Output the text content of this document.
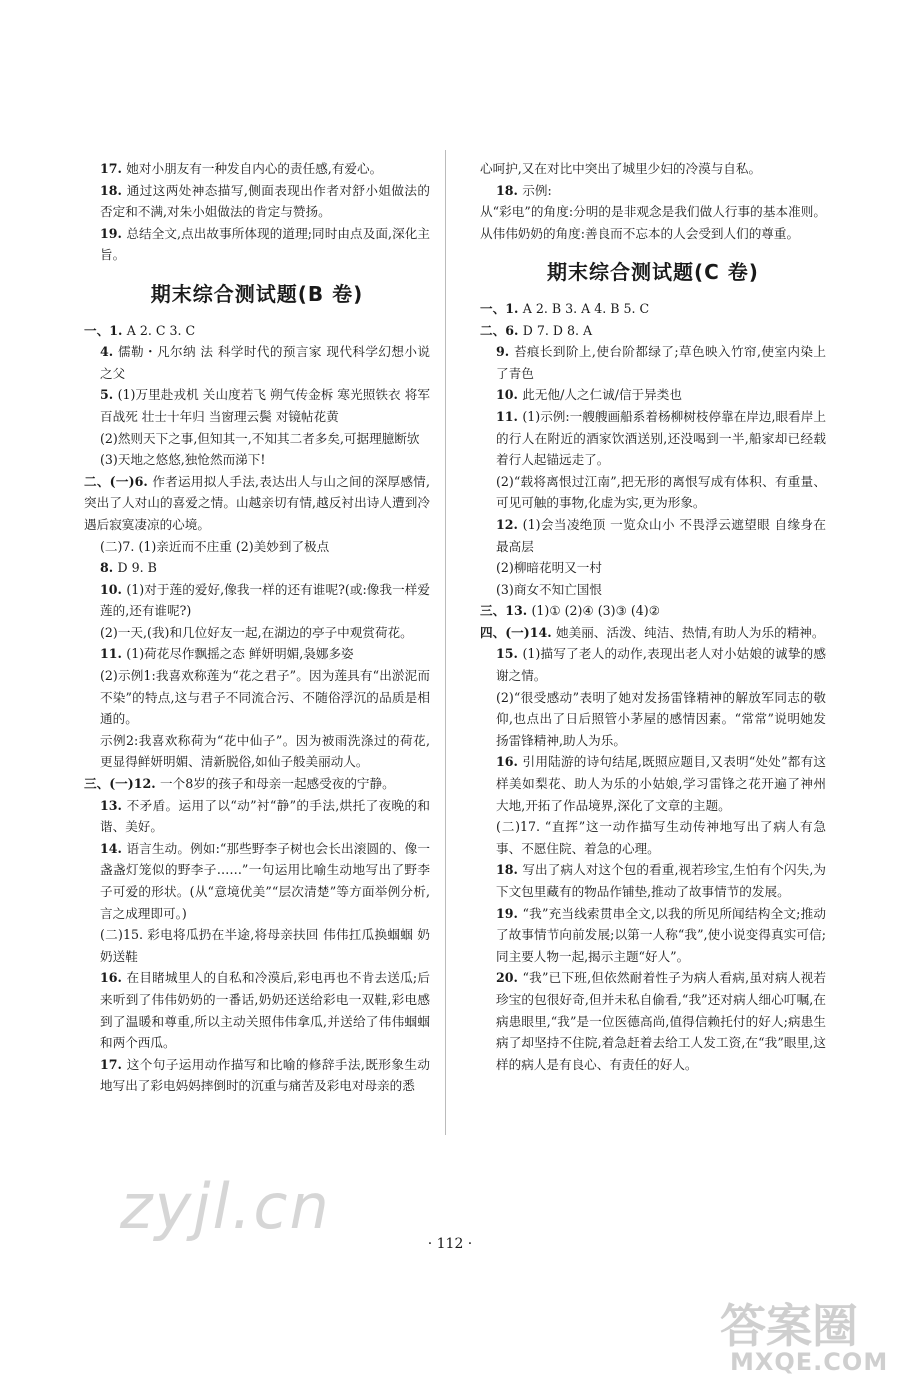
17. 她对小朋友有一种发自内心的责任感,有爱心。
18. 通过这两处神态描写,侧面表现出作者对舒小姐做法的否定和不满,对朱小姐做法的肯定与赞扬。
19. 总结全文,点出故事所体现的道理;同时由点及面,深化主旨。
期末综合测试题(B 卷)
一、1. A 2. C 3. C
4. 儒勒・凡尔纳 法 科学时代的预言家 现代科学幻想小说之父
5. (1)万里赴戎机 关山度若飞 朔气传金柝 寒光照铁衣 将军百战死 壮士十年归 当窗理云鬓 对镜帖花黄
(2)然则天下之事,但知其一,不知其二者多矣,可据理臆断欤
(3)天地之悠悠,独怆然而涕下!
二、(一)6. 作者运用拟人手法,表达出人与山之间的深厚感情,突出了人对山的喜爱之情。山越亲切有情,越反衬出诗人遭到冷遇后寂寞凄凉的心境。
(二)7. (1)亲近而不庄重 (2)美妙到了极点
8. D 9. B
10. (1)对于莲的爱好,像我一样的还有谁呢?(或:像我一样爱莲的,还有谁呢?)
(2)一天,(我)和几位好友一起,在湖边的亭子中观赏荷花。
11. (1)荷花尽作飘摇之态 鲜妍明媚,袅娜多姿
(2)示例1:我喜欢称莲为“花之君子”。因为莲具有“出淤泥而不染”的特点,这与君子不同流合污、不随俗浮沉的品质是相通的。
示例2:我喜欢称荷为“花中仙子”。因为被雨洗涤过的荷花,更显得鲜妍明媚、清新脱俗,如仙子般美丽动人。
三、(一)12. 一个8岁的孩子和母亲一起感受夜的宁静。
13. 不矛盾。运用了以“动”衬“静”的手法,烘托了夜晚的和谐、美好。
14. 语言生动。例如:“那些野李子树也会长出滚圆的、像一盏盏灯笼似的野李子……”一句运用比喻生动地写出了野李子可爱的形状。(从“意境优美”“层次清楚”等方面举例分析,言之成理即可。)
(二)15. 彩电将瓜扔在半途,将母亲扶回 伟伟扛瓜换蝈蝈 奶奶送鞋
16. 在目睹城里人的自私和冷漠后,彩电再也不肯去送瓜;后来听到了伟伟奶奶的一番话,奶奶还送给彩电一双鞋,彩电感到了温暖和尊重,所以主动关照伟伟拿瓜,并送给了伟伟蝈蝈和两个西瓜。
17. 这个句子运用动作描写和比喻的修辞手法,既形象生动地写出了彩电妈妈摔倒时的沉重与痛苦及彩电对母亲的悉
心呵护,又在对比中突出了城里少妇的冷漠与自私。
18. 示例:
从“彩电”的角度:分明的是非观念是我们做人行事的基本准则。从伟伟奶奶的角度:善良而不忘本的人会受到人们的尊重。
期末综合测试题(C 卷)
一、1. A 2. B 3. A 4. B 5. C
二、6. D 7. D 8. A
9. 苔痕长到阶上,使台阶都绿了;草色映入竹帘,使室内染上了青色
10. 此无他/人之仁诚/信于异类也
11. (1)示例:一艘艘画船系着杨柳树枝停靠在岸边,眼看岸上的行人在附近的酒家饮酒送别,还没喝到一半,船家却已经载着行人起锚远走了。
(2)“载将离恨过江南”,把无形的离恨写成有体积、有重量、可见可触的事物,化虚为实,更为形象。
12. (1)会当凌绝顶 一览众山小 不畏浮云遮望眼 自缘身在最高层
(2)柳暗花明又一村
(3)商女不知亡国恨
三、13. (1)① (2)④ (3)③ (4)②
四、(一)14. 她美丽、活泼、纯洁、热情,有助人为乐的精神。
15. (1)描写了老人的动作,表现出老人对小姑娘的诚挚的感谢之情。
(2)“很受感动”表明了她对发扬雷锋精神的解放军同志的敬仰,也点出了日后照管小茅屋的感情因素。“常常”说明她发扬雷锋精神,助人为乐。
16. 引用陆游的诗句结尾,既照应题目,又表明“处处”都有这样美如梨花、助人为乐的小姑娘,学习雷锋之花开遍了神州大地,开拓了作品境界,深化了文章的主题。
(二)17. “直挥”这一动作描写生动传神地写出了病人有急事、不愿住院、着急的心理。
18. 写出了病人对这个包的看重,视若珍宝,生怕有个闪失,为下文包里藏有的物品作铺垫,推动了故事情节的发展。
19. “我”充当线索贯串全文,以我的所见所闻结构全文;推动了故事情节向前发展;以第一人称“我”,使小说变得真实可信;同主要人物一起,揭示主题“好人”。
20. “我”已下班,但依然耐着性子为病人看病,虽对病人视若珍宝的包很好奇,但并未私自偷看,“我”还对病人细心叮嘱,在病患眼里,“我”是一位医德高尚,值得信赖托付的好人;病患生病了却坚持不住院,着急赶着去给工人发工资,在“我”眼里,这样的病人是有良心、有责任的好人。
· 112 ·
zyjl.cn
答案圈
MXQE.COM
